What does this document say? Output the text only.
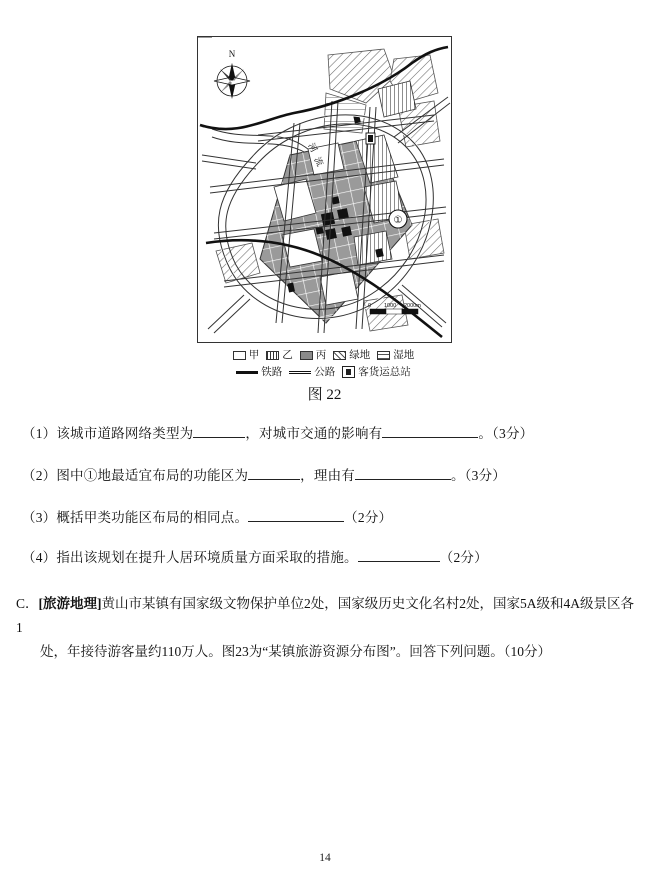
①
N
河
流
0 1000 2000m
甲 乙 丙 绿地 湿地
铁路	公路 客货运总站
图 22
（1）该城市道路网络类型为	，对城市交通的影响有	。（3分）
（2）图中①地最适宜布局的功能区为	，理由有	。（3分）
（3）概括甲类功能区布局的相同点。	（2分）
（4）指出该规划在提升人居环境质量方面采取的措施。	（2分）
C．[旅游地理]黄山市某镇有国家级文物保护单位2处，国家级历史文化名村2处，国家5A级和4A级景区各1
处，年接待游客量约110万人。图23为“某镇旅游资源分布图”。回答下列问题。（10分）
14
